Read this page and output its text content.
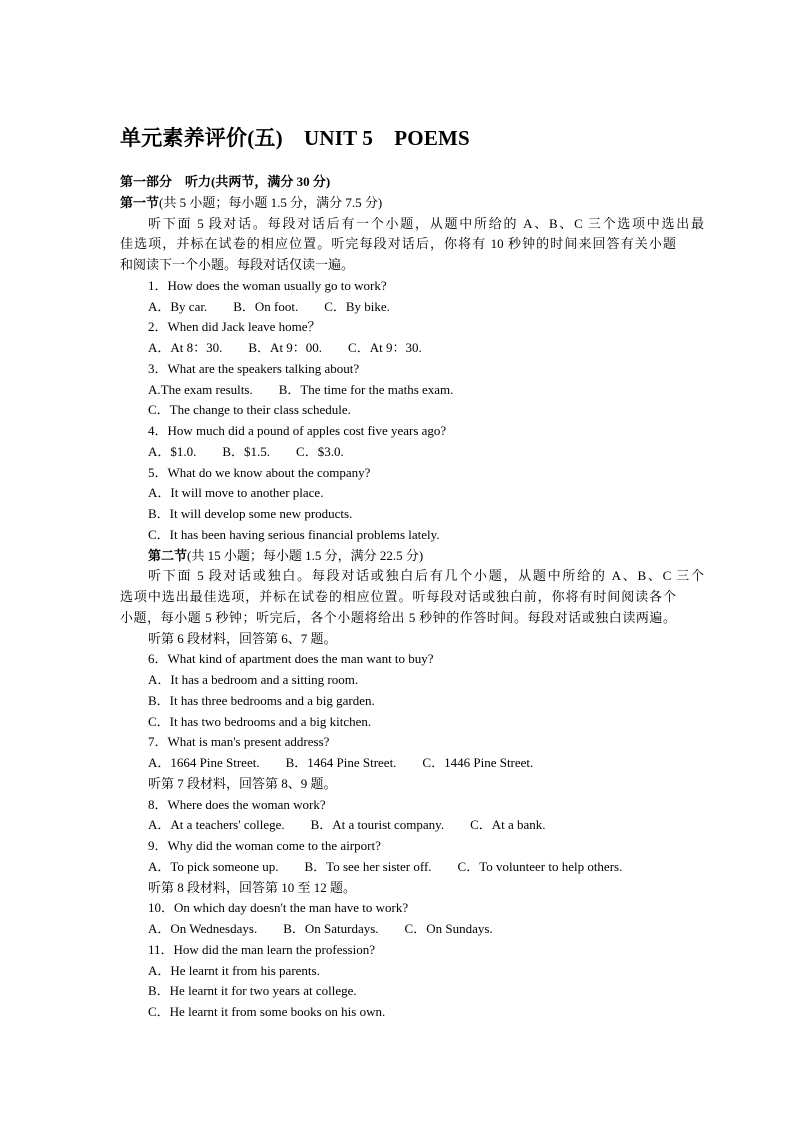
单元素养评价(五)　UNIT 5　POEMS
第一部分　听力(共两节，满分 30 分)
第一节(共 5 小题；每小题 1.5 分，满分 7.5 分)
听下面 5 段对话。每段对话后有一个小题，从题中所给的 A、B、C 三个选项中选出最
佳选项，并标在试卷的相应位置。听完每段对话后，你将有 10 秒钟的时间来回答有关小题
和阅读下一个小题。每段对话仅读一遍。
1．How does the woman usually go to work?
A．By car.　　B．On foot.　　C．By bike.
2．When did Jack leave home？
A．At 8：30.　　B．At 9：00.　　C．At 9：30.
3．What are the speakers talking about?
A.The exam results.　　B．The time for the maths exam.
C．The change to their class schedule.
4．How much did a pound of apples cost five years ago?
A．$1.0.　　B．$1.5.　　C．$3.0.
5．What do we know about the company?
A．It will move to another place.
B．It will develop some new products.
C．It has been having serious financial problems lately.
第二节(共 15 小题；每小题 1.5 分，满分 22.5 分)
听下面 5 段对话或独白。每段对话或独白后有几个小题，从题中所给的 A、B、C 三个
选项中选出最佳选项，并标在试卷的相应位置。听每段对话或独白前，你将有时间阅读各个
小题，每小题 5 秒钟；听完后，各个小题将给出 5 秒钟的作答时间。每段对话或独白读两遍。
听第 6 段材料，回答第 6、7 题。
6．What kind of apartment does the man want to buy?
A．It has a bedroom and a sitting room.
B．It has three bedrooms and a big garden.
C．It has two bedrooms and a big kitchen.
7．What is man's present address?
A．1664 Pine Street.　　B．1464 Pine Street.　　C．1446 Pine Street.
听第 7 段材料，回答第 8、9 题。
8．Where does the woman work?
A．At a teachers' college.　　B．At a tourist company.　　C．At a bank.
9．Why did the woman come to the airport?
A．To pick someone up.　　B．To see her sister off.　　C．To volunteer to help others.
听第 8 段材料，回答第 10 至 12 题。
10．On which day doesn't the man have to work?
A．On Wednesdays.　　B．On Saturdays.　　C．On Sundays.
11．How did the man learn the profession?
A．He learnt it from his parents.
B．He learnt it for two years at college.
C．He learnt it from some books on his own.
